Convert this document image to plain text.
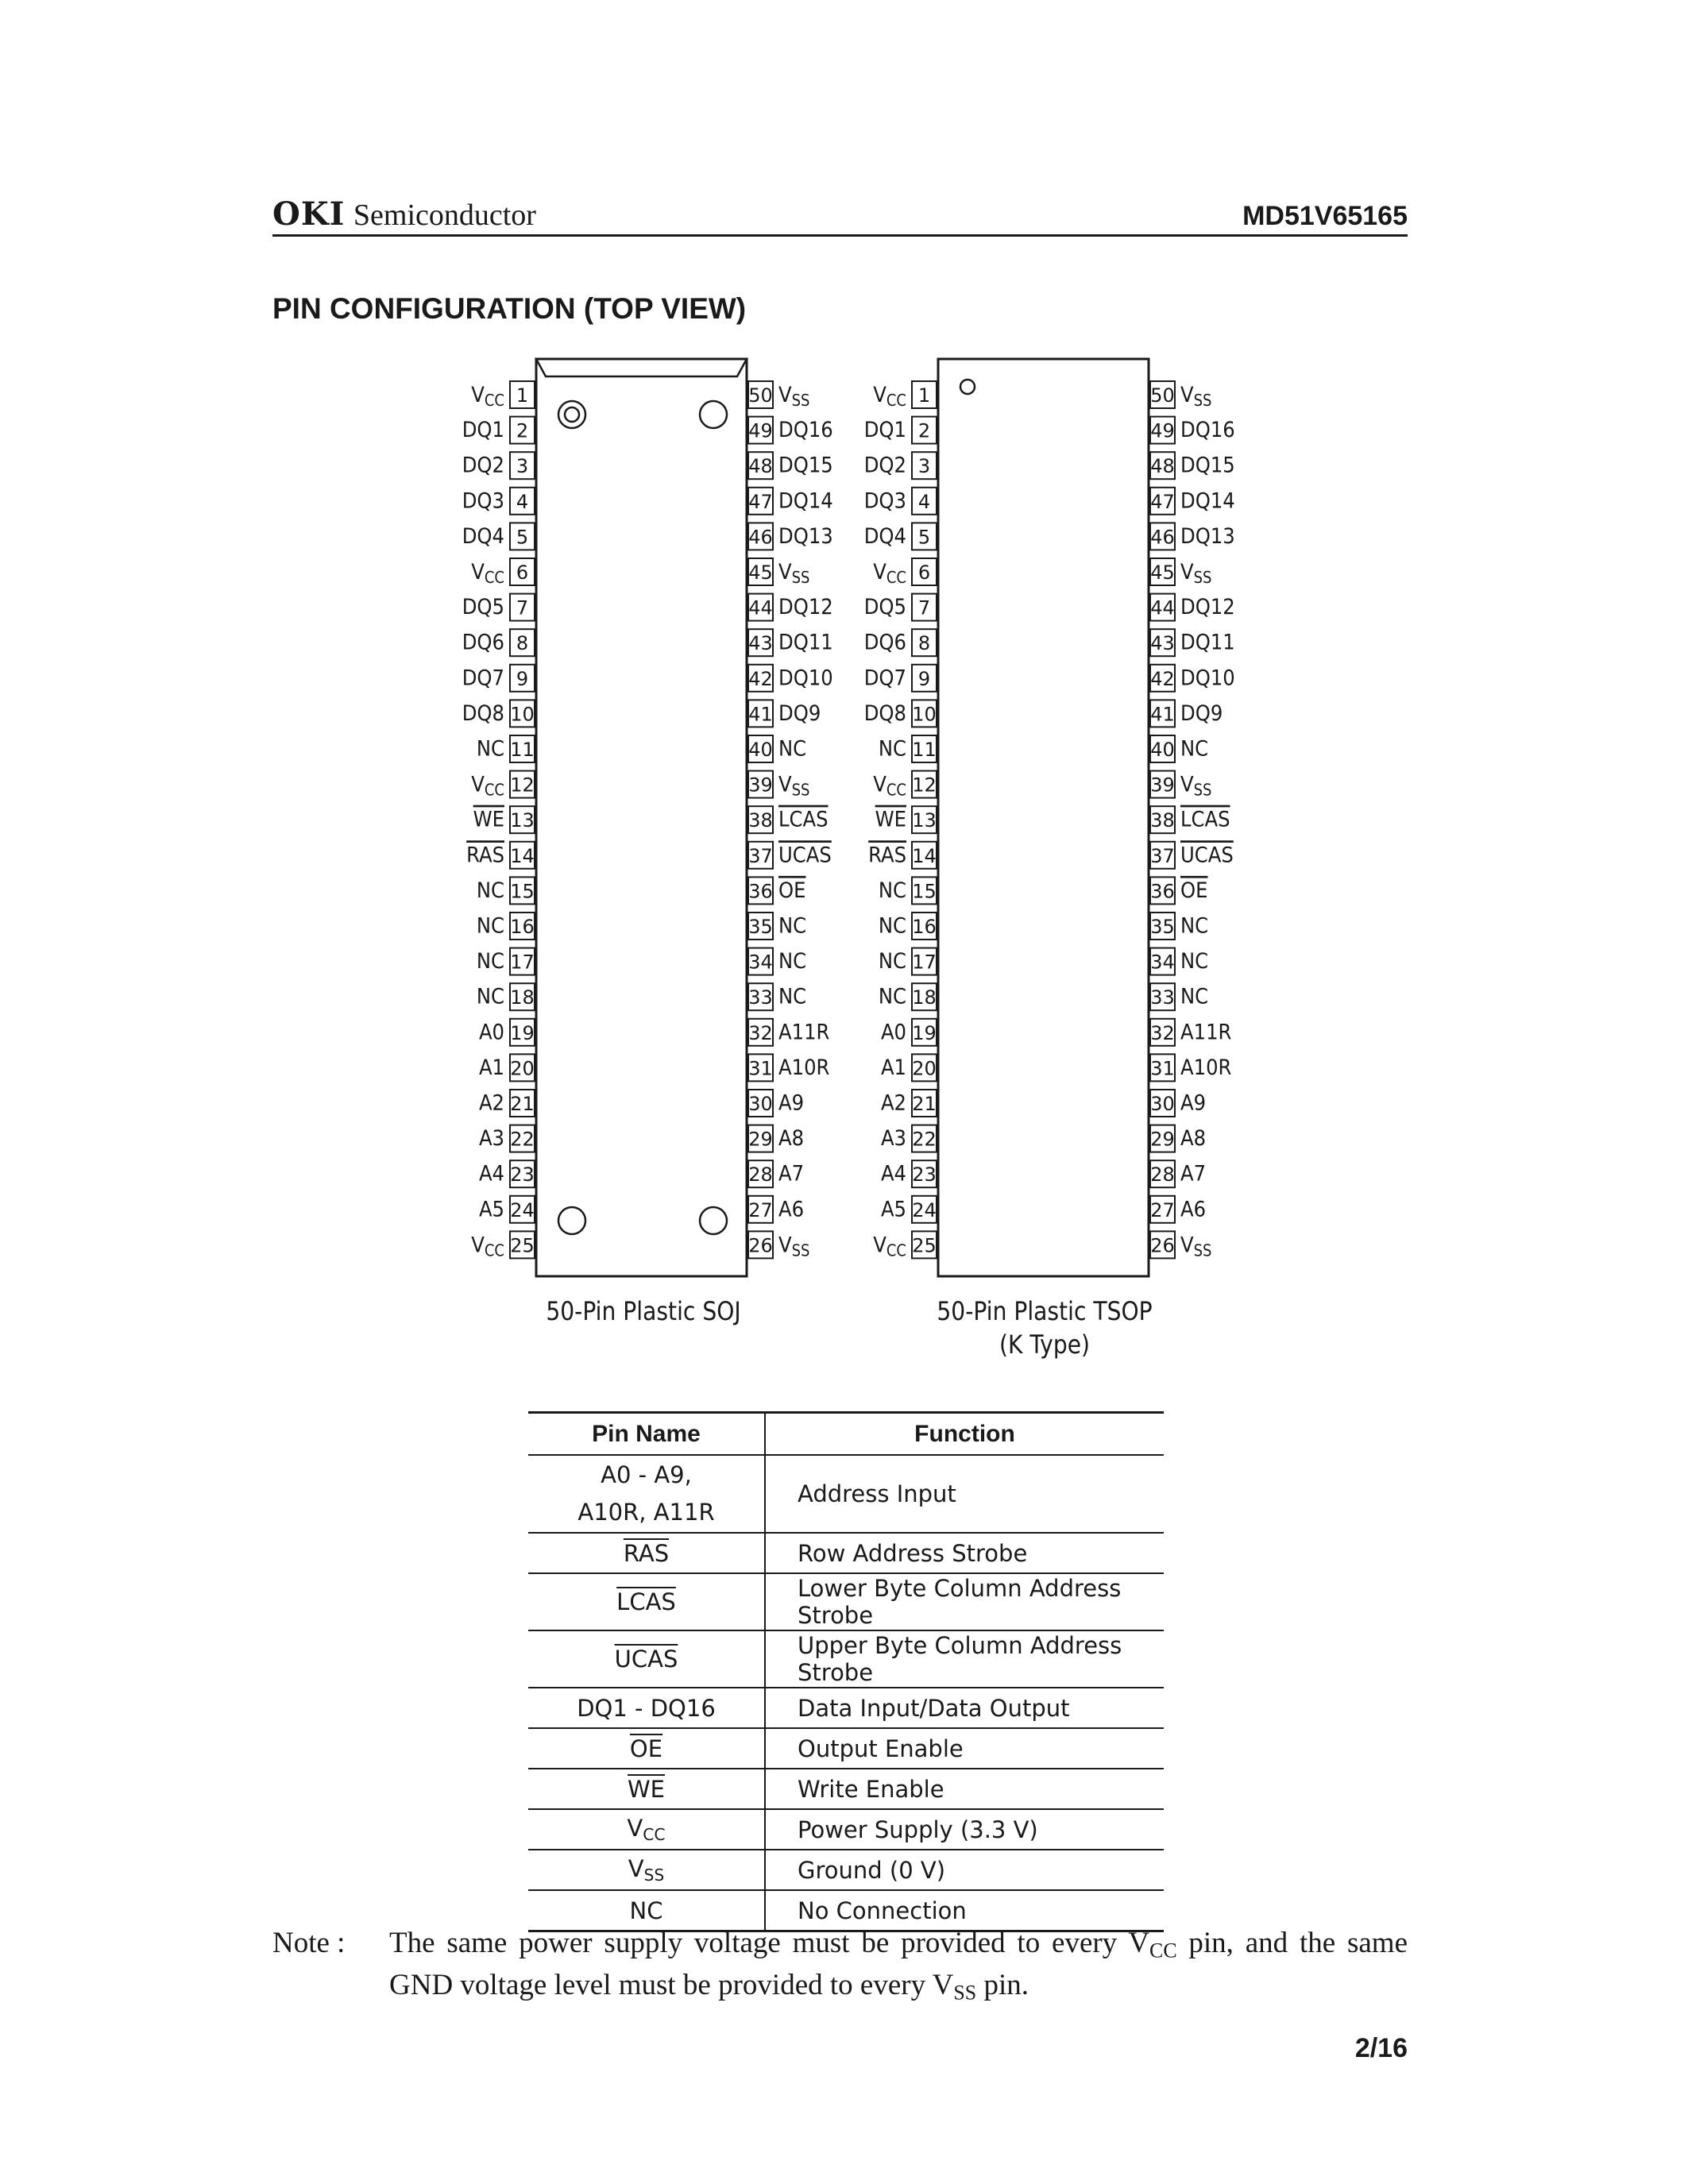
OKI Semiconductor	MD51V65165
PIN CONFIGURATION (TOP VIEW)
1
$V_{CC}$
2
DQ1
3
DQ2
4
DQ3
5
DQ4
6
$V_{CC}$
7
DQ5
8
DQ6
9
DQ7
10
DQ8
11
NC
12
$V_{CC}$
13
WE
14
RAS
15
NC
16
NC
17
NC
18
NC
19
A0
20
A1
21
A2
22
A3
23
A4
24
A5
25
$V_{CC}$
50 $V_{SS}$
49 DQ16
48 DQ15
47 DQ14
46 DQ13
45 $V_{SS}$
44 DQ12
43 DQ11
42 DQ10
41 DQ9
40 NC
39 $V_{SS}$
38 LCAS
37 UCAS
36 OE
35 NC
34 NC
33 NC
32 A11R
31 A10R
30 A9
29 A8
28 A7
27 A6
26 $V_{SS}$
1
$V_{CC}$
2
DQ1
3
DQ2
4
DQ3
5
DQ4
6
$V_{CC}$
7
DQ5
8
DQ6
9
DQ7
10
DQ8
11
NC
12
$V_{CC}$
13
WE
14
RAS
15
NC
16
NC
17
NC
18
NC
19
A0
20
A1
21
A2
22
A3
23
A4
24
A5
25
$V_{CC}$
50 $V_{SS}$
49 DQ16
48 DQ15
47 DQ14
46 DQ13
45 $V_{SS}$
44 DQ12
43 DQ11
42 DQ10
41 DQ9
40 NC
39 $V_{SS}$
38 LCAS
37 UCAS
36 OE
35 NC
34 NC
33 NC
32 A11R
31 A10R
30 A9
29 A8
28 A7
27 A6
26 $V_{SS}$
50-Pin Plastic SOJ	50-Pin Plastic TSOP
(K Type)
Pin Name	Function

A0 - A9,
A10R, A11R	Address Input
$\overline{RAS}$	Row Address Strobe
LCAS	Lower Byte Column Address Strobe
UCAS	Upper Byte Column Address Strobe
DQ1 - DQ16	Data Input/Data Output
$\overline{OE}$	Output Enable
$\overline{WE}$	Write Enable
$V_{CC}$	Power Supply (3.3 V)
$V_{SS}$	Ground (0 V)
NC	No Connection
Note : The same power supply voltage must be provided to every $V_{CC}$ pin, and the same GND voltage level must be provided to every $V_{SS}$ pin.
2/16
